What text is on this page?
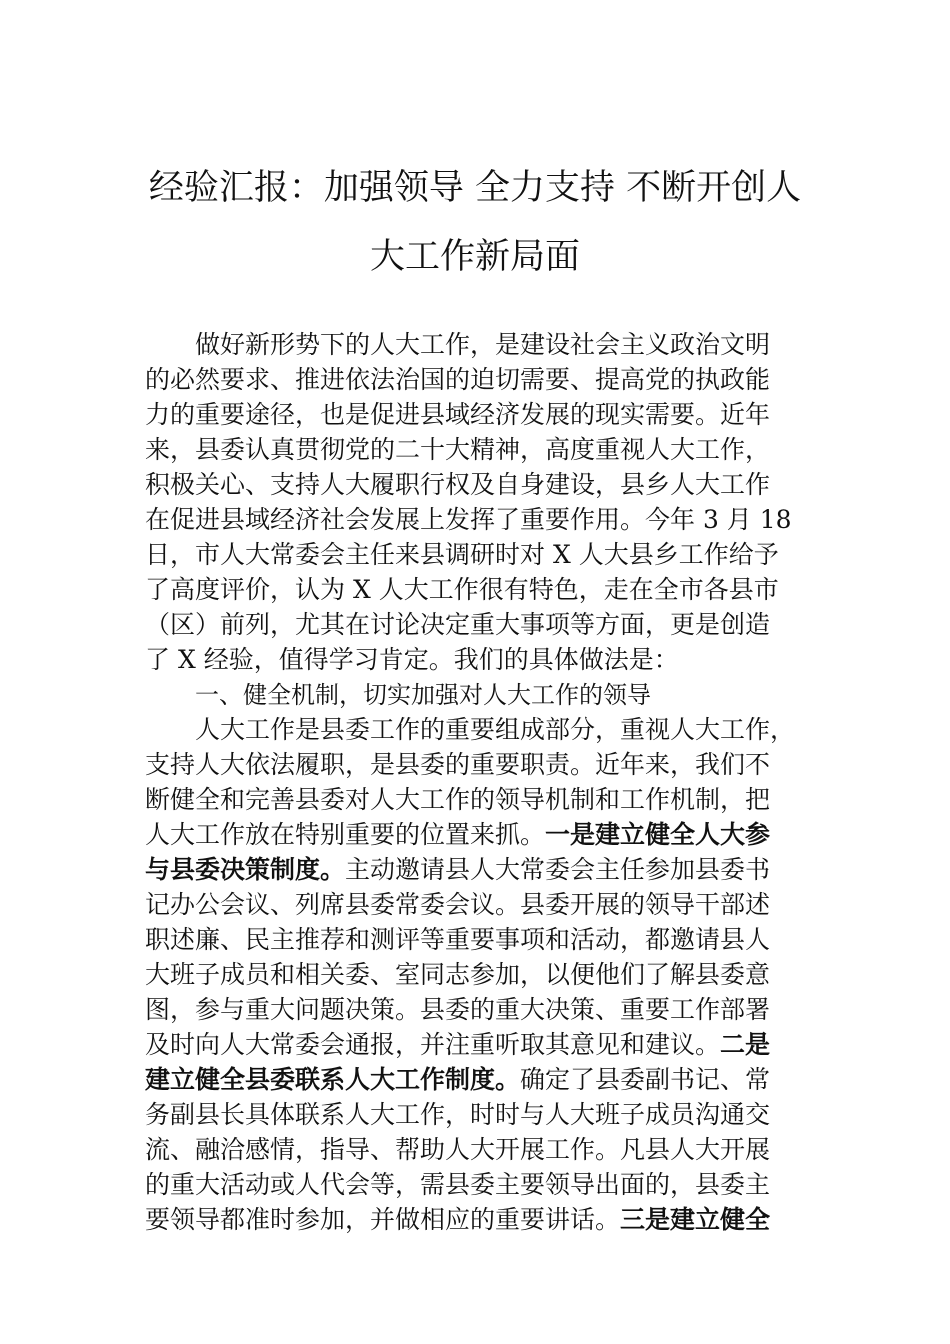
经验汇报：加强领导 全力支持 不断开创人
大工作新局面
做好新形势下的人大工作，是建设社会主义政治文明
的必然要求、推进依法治国的迫切需要、提高党的执政能
力的重要途径，也是促进县域经济发展的现实需要。近年
来，县委认真贯彻党的二十大精神，高度重视人大工作，
积极关心、支持人大履职行权及自身建设，县乡人大工作
在促进县域经济社会发展上发挥了重要作用。今年 3 月 18
日，市人大常委会主任来县调研时对 X 人大县乡工作给予
了高度评价，认为 X 人大工作很有特色，走在全市各县市
（区）前列，尤其在讨论决定重大事项等方面，更是创造
了 X 经验，值得学习肯定。我们的具体做法是：
一、健全机制，切实加强对人大工作的领导
人大工作是县委工作的重要组成部分，重视人大工作，
支持人大依法履职，是县委的重要职责。近年来，我们不
断健全和完善县委对人大工作的领导机制和工作机制，把
人大工作放在特别重要的位置来抓。一是建立健全人大参
与县委决策制度。主动邀请县人大常委会主任参加县委书
记办公会议、列席县委常委会议。县委开展的领导干部述
职述廉、民主推荐和测评等重要事项和活动，都邀请县人
大班子成员和相关委、室同志参加，以便他们了解县委意
图，参与重大问题决策。县委的重大决策、重要工作部署
及时向人大常委会通报，并注重听取其意见和建议。二是
建立健全县委联系人大工作制度。确定了县委副书记、常
务副县长具体联系人大工作，时时与人大班子成员沟通交
流、融洽感情，指导、帮助人大开展工作。凡县人大开展
的重大活动或人代会等，需县委主要领导出面的，县委主
要领导都准时参加，并做相应的重要讲话。三是建立健全
